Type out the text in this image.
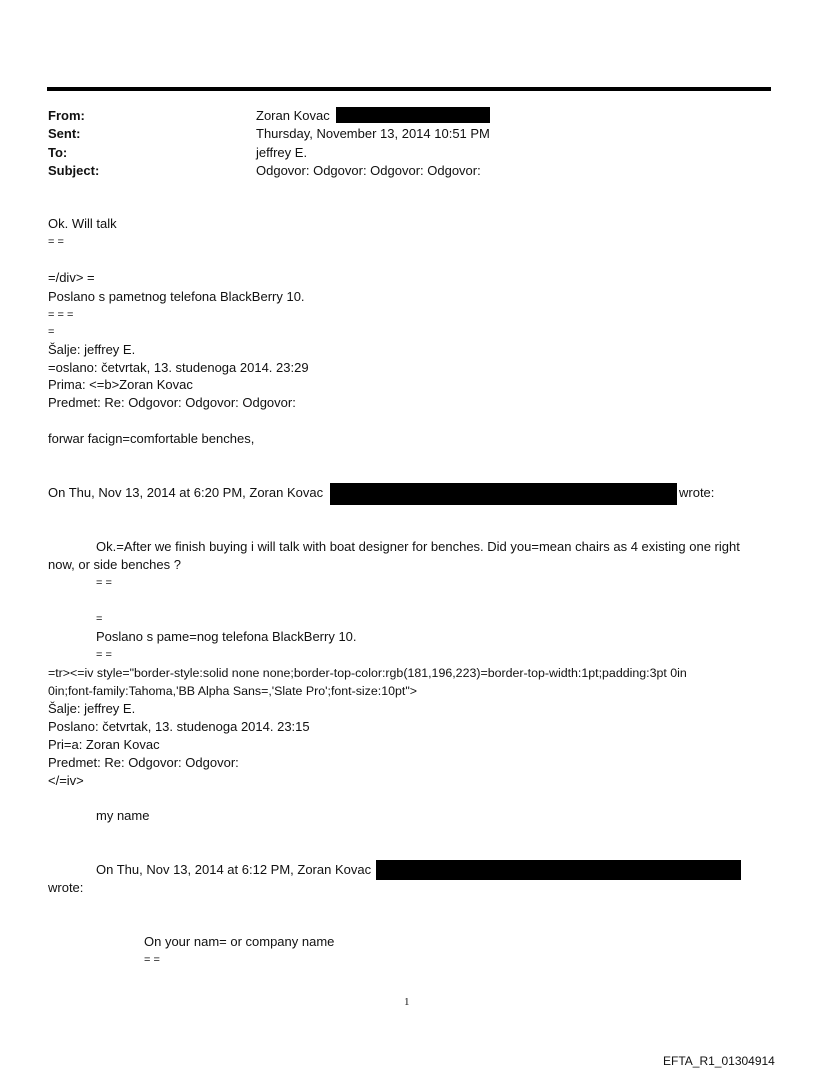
From:	Zoran Kovac
Sent:	Thursday, November 13, 2014 10:51 PM
To:	jeffrey E.
Subject:	Odgovor: Odgovor: Odgovor: Odgovor:
Ok. Will talk
= =
=/div> =
Poslano s pametnog telefona BlackBerry 10.
= = =
=
Šalje: jeffrey E.
=oslano: četvrtak, 13. studenoga 2014. 23:29
Prima: <=b>Zoran Kovac
Predmet: Re: Odgovor: Odgovor: Odgovor:
forwar facign=comfortable benches,
On Thu, Nov 13, 2014 at 6:20 PM, Zoran Kovac	wrote:
Ok.=After we finish buying i will talk with boat designer for benches. Did you=mean chairs as 4 existing one right
now, or side benches ?
= =
=
Poslano s pame=nog telefona BlackBerry 10.
= =
=tr><=iv style="border-style:solid none none;border-top-color:rgb(181,196,223)=border-top-width:1pt;padding:3pt 0in
0in;font-family:Tahoma,'BB Alpha Sans=,'Slate Pro';font-size:10pt">
Šalje: jeffrey E.
Poslano: četvrtak, 13. studenoga 2014. 23:15
Pri=a: Zoran Kovac
Predmet: Re: Odgovor: Odgovor:
</=iv>
my name
On Thu, Nov 13, 2014 at 6:12 PM, Zoran Kovac
wrote:
On your nam= or company name
= =
1
EFTA_R1_01304914
